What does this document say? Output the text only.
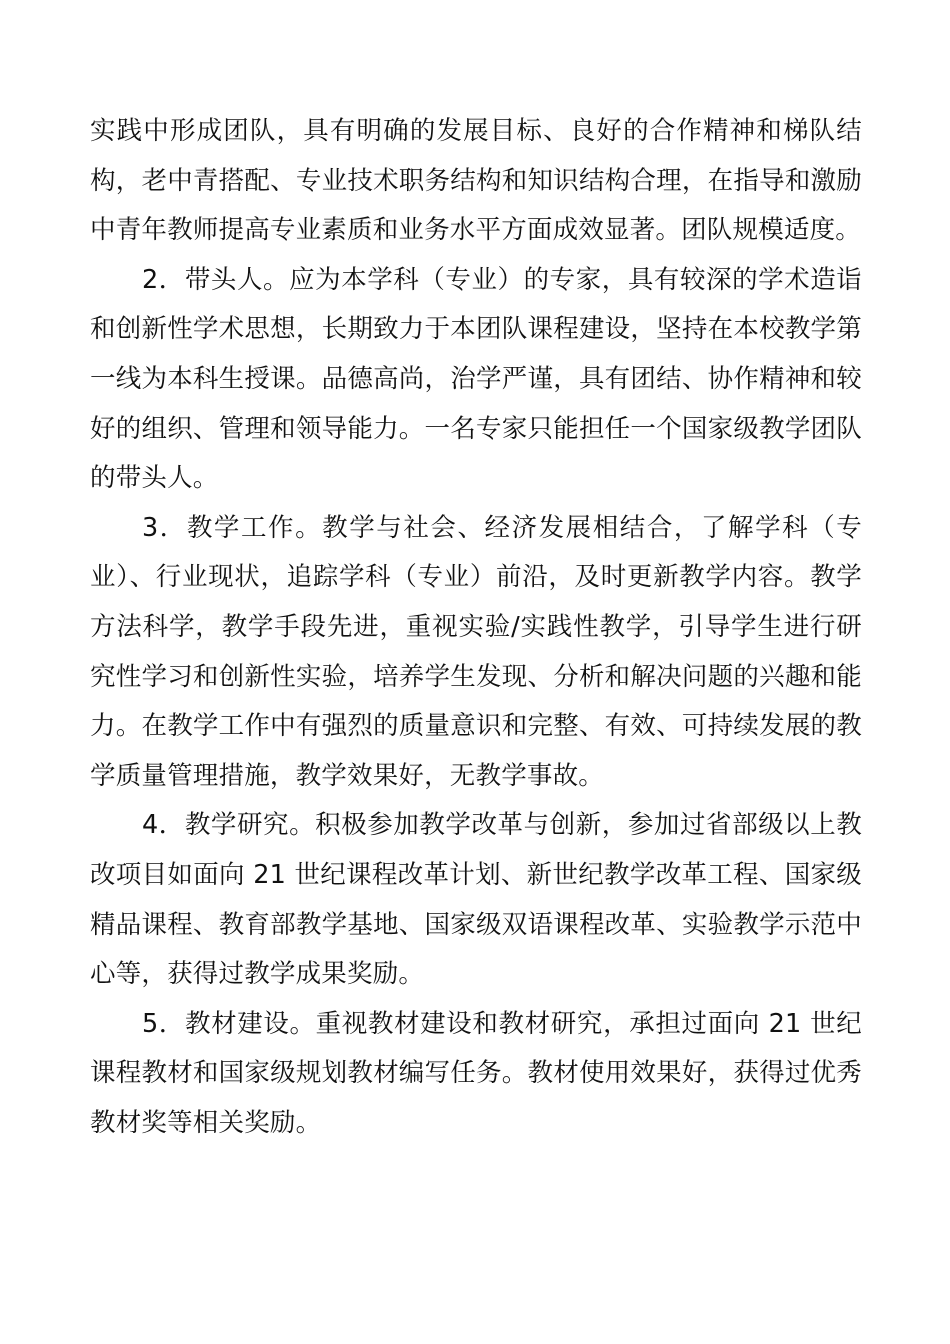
实践中形成团队，具有明确的发展目标、良好的合作精神和梯队结构，老中青搭配、专业技术职务结构和知识结构合理，在指导和激励中青年教师提高专业素质和业务水平方面成效显著。团队规模适度。

2．带头人。应为本学科（专业）的专家，具有较深的学术造诣和创新性学术思想，长期致力于本团队课程建设，坚持在本校教学第一线为本科生授课。品德高尚，治学严谨，具有团结、协作精神和较好的组织、管理和领导能力。一名专家只能担任一个国家级教学团队的带头人。

3．教学工作。教学与社会、经济发展相结合，了解学科（专业）、行业现状，追踪学科（专业）前沿，及时更新教学内容。教学方法科学，教学手段先进，重视实验/实践性教学，引导学生进行研究性学习和创新性实验，培养学生发现、分析和解决问题的兴趣和能力。在教学工作中有强烈的质量意识和完整、有效、可持续发展的教学质量管理措施，教学效果好，无教学事故。

4．教学研究。积极参加教学改革与创新，参加过省部级以上教改项目如面向 21 世纪课程改革计划、新世纪教学改革工程、国家级精品课程、教育部教学基地、国家级双语课程改革、实验教学示范中心等，获得过教学成果奖励。

5．教材建设。重视教材建设和教材研究，承担过面向 21 世纪课程教材和国家级规划教材编写任务。教材使用效果好，获得过优秀教材奖等相关奖励。
